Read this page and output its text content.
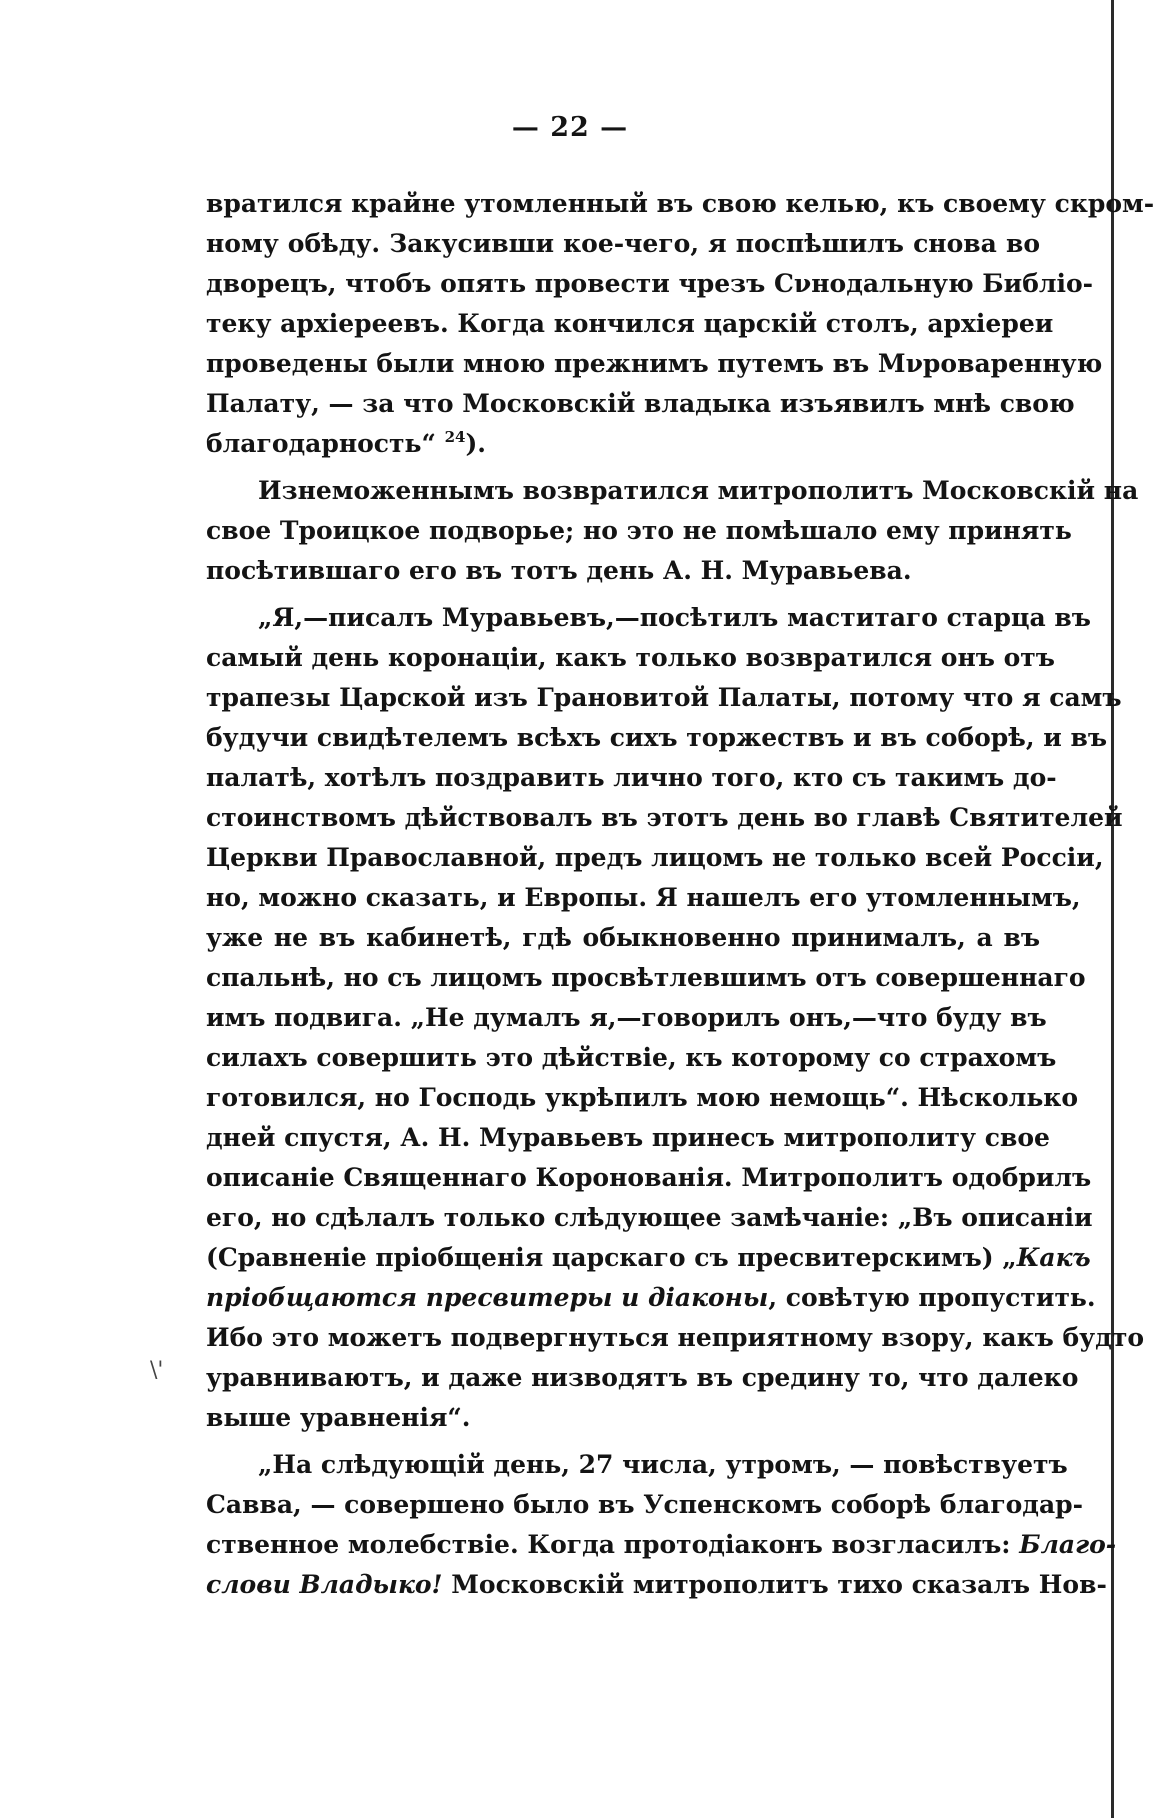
— 22 —
\'
вратился крайне утомленный въ свою келью, къ своему скром-
ному обѣду. Закусивши кое-чего, я поспѣшилъ снова во
дворецъ, чтобъ опять провести чрезъ Сνнодальную Библіо-
теку архіереевъ. Когда кончился царскій столъ, архіереи
проведены были мною прежнимъ путемъ въ Мνроваренную
Палату, — за что Московскій владыка изъявилъ мнѣ свою
благодарность“ $^{24}$).
Изнеможеннымъ возвратился митрополитъ Московскій на
свое Троицкое подворье; но это не помѣшало ему принять
посѣтившаго его въ тотъ день А. Н. Муравьева.
„Я,—писалъ Муравьевъ,—посѣтилъ маститаго старца въ
самый день коронаціи, какъ только возвратился онъ отъ
трапезы Царской изъ Грановитой Палаты, потому что я самъ
будучи свидѣтелемъ всѣхъ сихъ торжествъ и въ соборѣ, и въ
палатѣ, хотѣлъ поздравить лично того, кто съ такимъ до-
стоинствомъ дѣйствовалъ въ этотъ день во главѣ Святителей
Церкви Православной, предъ лицомъ не только всей Россіи,
но, можно сказать, и Европы. Я нашелъ его утомленнымъ,
уже не въ кабинетѣ, гдѣ обыкновенно принималъ, а въ
спальнѣ, но съ лицомъ просвѣтлевшимъ отъ совершеннаго
имъ подвига. „Не думалъ я,—говорилъ онъ,—что буду въ
силахъ совершить это дѣйствіе, къ которому со страхомъ
готовился, но Господь укрѣпилъ мою немощь“. Нѣсколько
дней спустя, А. Н. Муравьевъ принесъ митрополиту свое
описаніе Священнаго Коронованія. Митрополитъ одобрилъ
его, но сдѣлалъ только слѣдующее замѣчаніе: „Въ описаніи
(Сравненіе пріобщенія царскаго съ пресвитерскимъ) „Какъ
пріобщаются пресвитеры и діаконы, совѣтую пропустить.
Ибо это можетъ подвергнуться неприятному взору, какъ будто
уравниваютъ, и даже низводятъ въ средину то, что далеко
выше уравненія“.
„На слѣдующій день, 27 числа, утромъ, — повѣствуетъ
Савва, — совершено было въ Успенскомъ соборѣ благодар-
ственное молебствіе. Когда протодіаконъ возгласилъ: Благо-
слови Владыко! Московскій митрополитъ тихо сказалъ Нов-
